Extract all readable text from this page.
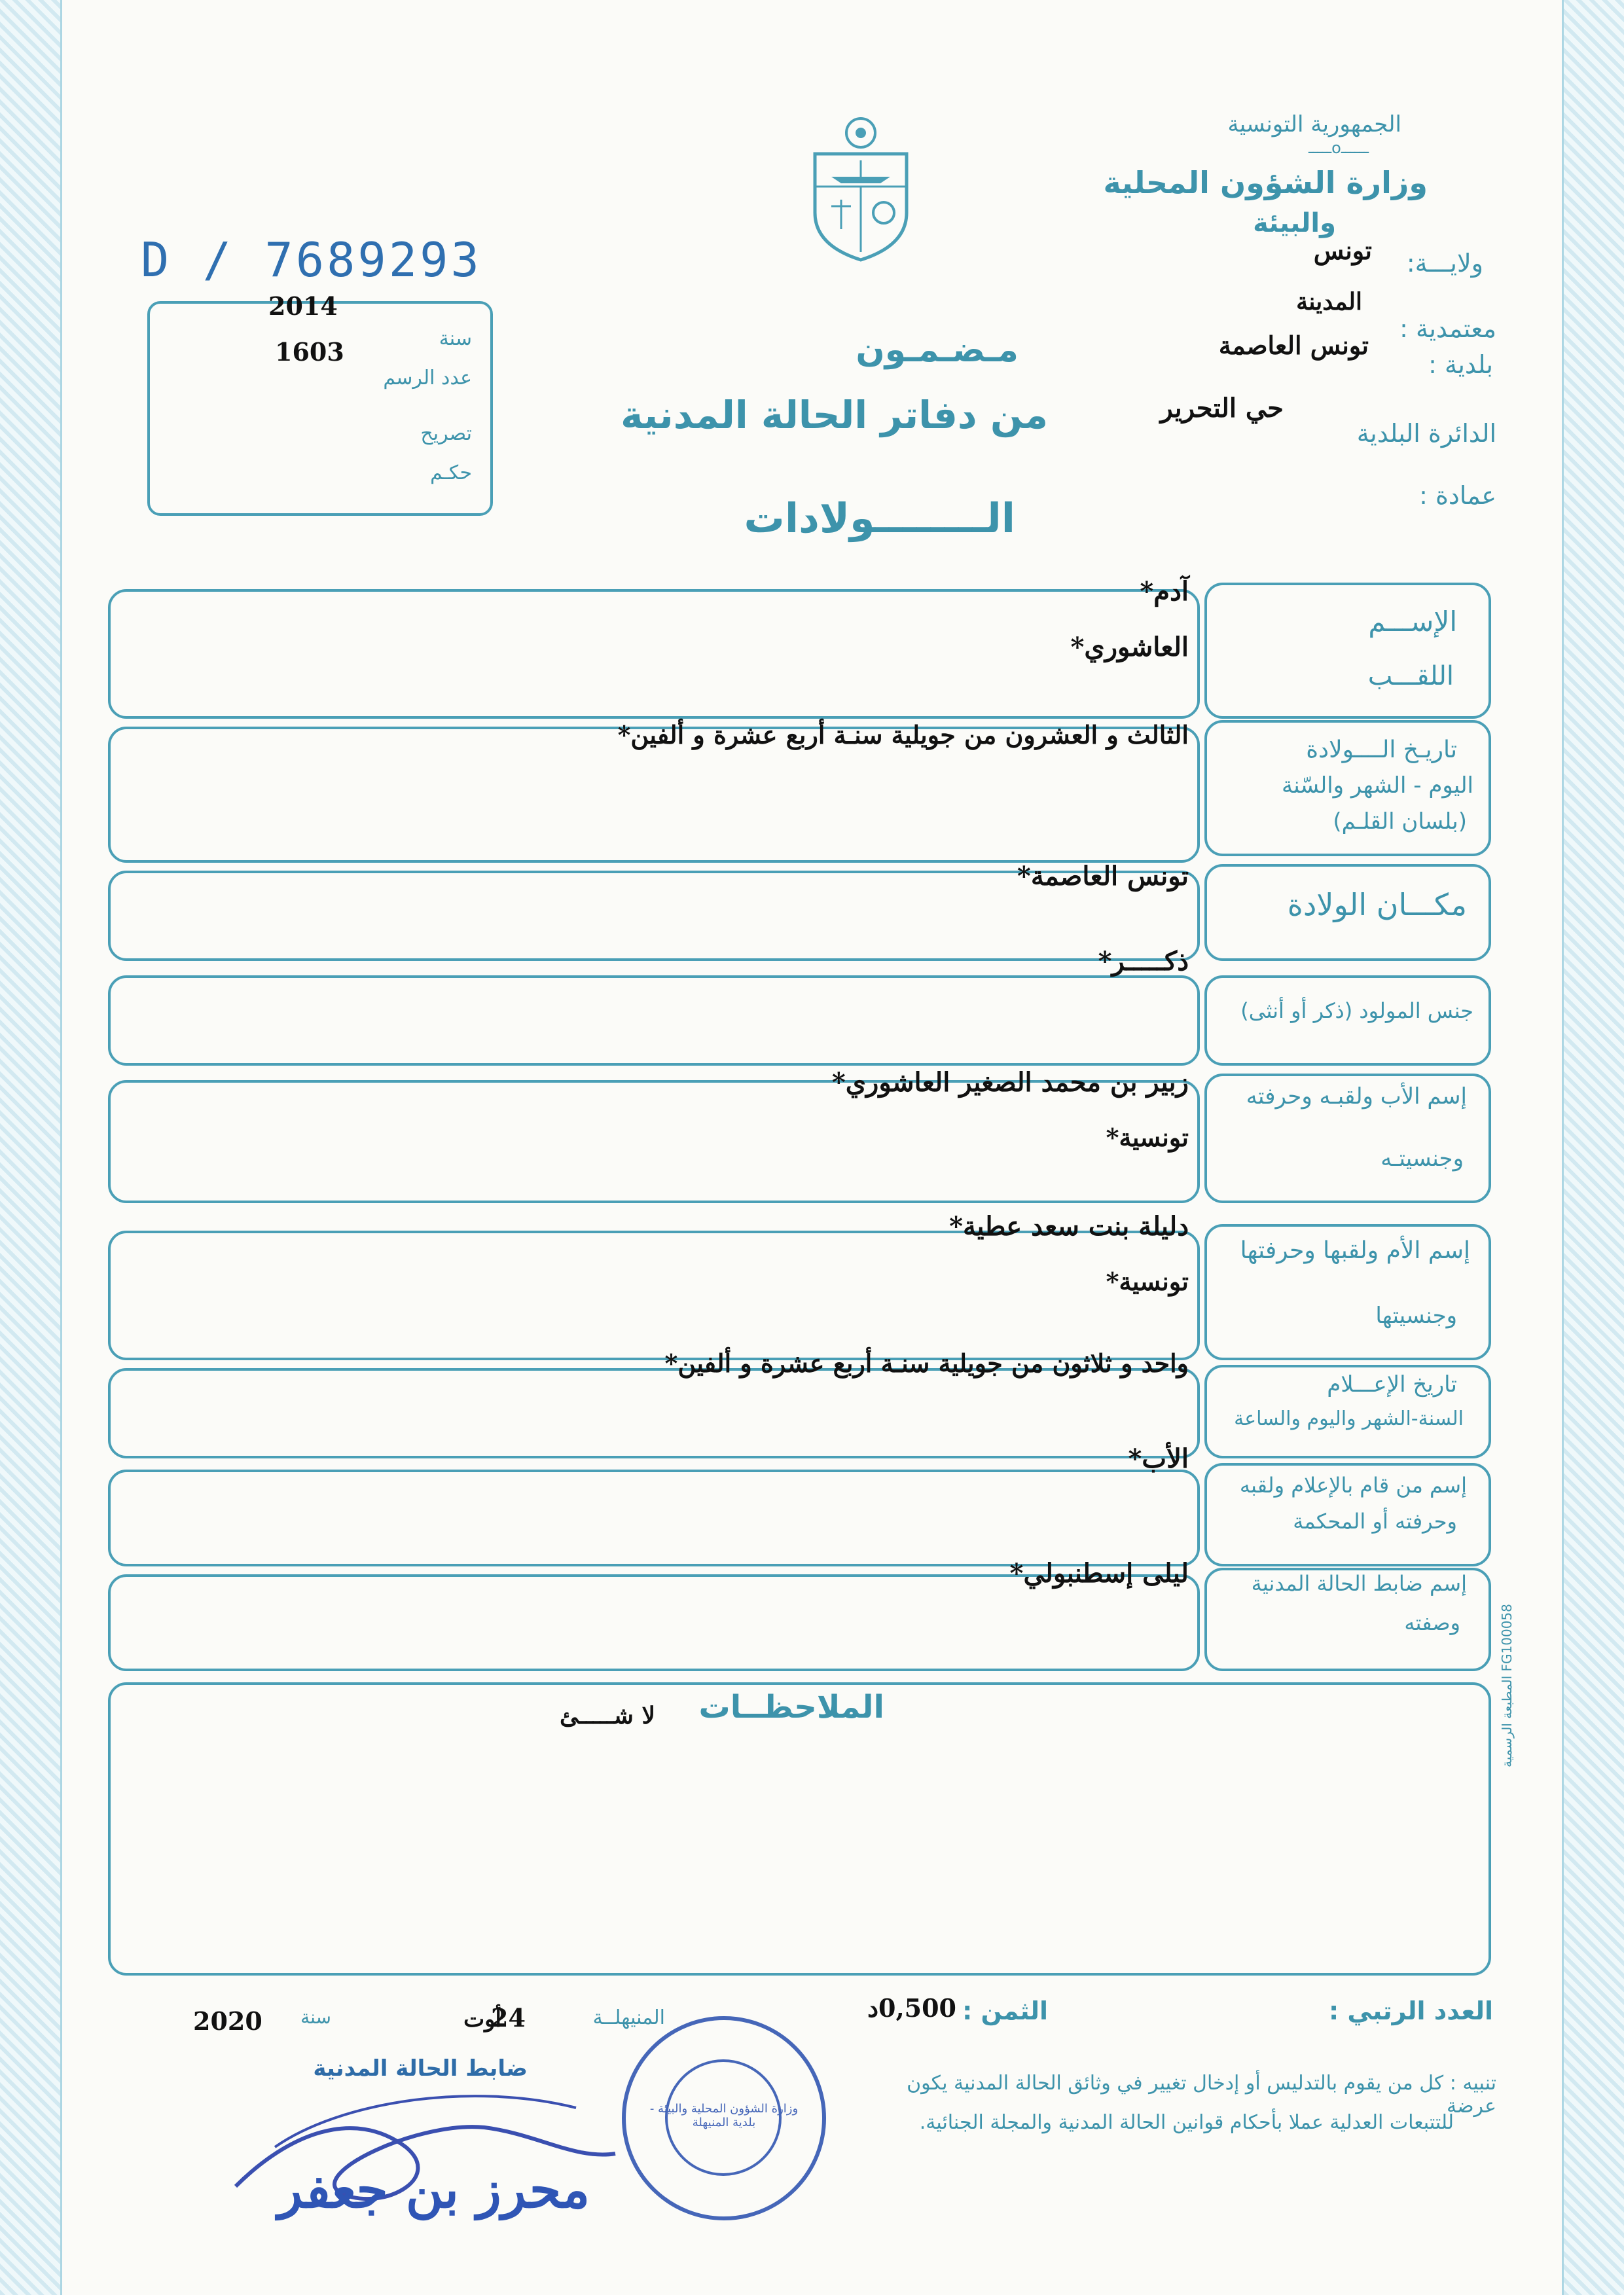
الجمهورية التونسية
ـــــoــــــ
وزارة الشؤون المحلية
والبيئة
ولايـــة:
تونس
معتمدية :
المدينة
بلدية :
تونس العاصمة
الدائرة البلدية
حي التحرير
عمادة :
D / 7689293
2014
سنة
1603
عدد الرسم
تصريح
حكـم
مـضـمـون
من دفاتر الحالة المدنية
الــــــــولادات
الإســـم
اللقـــب
آدم*
العاشوري*
تاريـخ الــــولادة
اليوم - الشهر والسّنة
(بلسان القلـم)
الثالث و العشرون من جويلية سنـة أربع عشرة و ألفين*
مكـــان الولادة
تونس العاصمة*
جنس المولود (ذكر أو أنثى)
ذكـــــر*
إسم الأب ولقبـه وحرفته
وجنسيتـه
زبير بن محمد الصغير العاشوري*
تونسية*
إسم الأم ولقبها وحرفتها
وجنسيتها
دليلة بنت سعد عطية*
تونسية*
تاريخ الإعـــلام
السنة-الشهر واليوم والساعة
واحد و ثلاثون من جويلية سنـة أربع عشرة و ألفين*
إسم من قام بالإعلام ولقبه
وحرفته أو المحكمة
الأب*
إسم ضابط الحالة المدنية
وصفته
ليلى إسطنبولي*
الملاحظــات
لا شـــــئ	المطبعة الرسمية FG100058
العدد الرتبي :
الثمن :
0,500د
المنيهلــة
24
أوت
سنة
2020
ضابط الحالة المدنية
تنبيه : كل من يقوم بالتدليس أو إدخال تغيير في وثائق الحالة المدنية يكون عرضة
للتتبعات العدلية عملا بأحكام قوانين الحالة المدنية والمجلة الجنائية.
وزارة الشؤون المحلية والبيئة - بلدية المنيهلة
محرز بن جعفر
